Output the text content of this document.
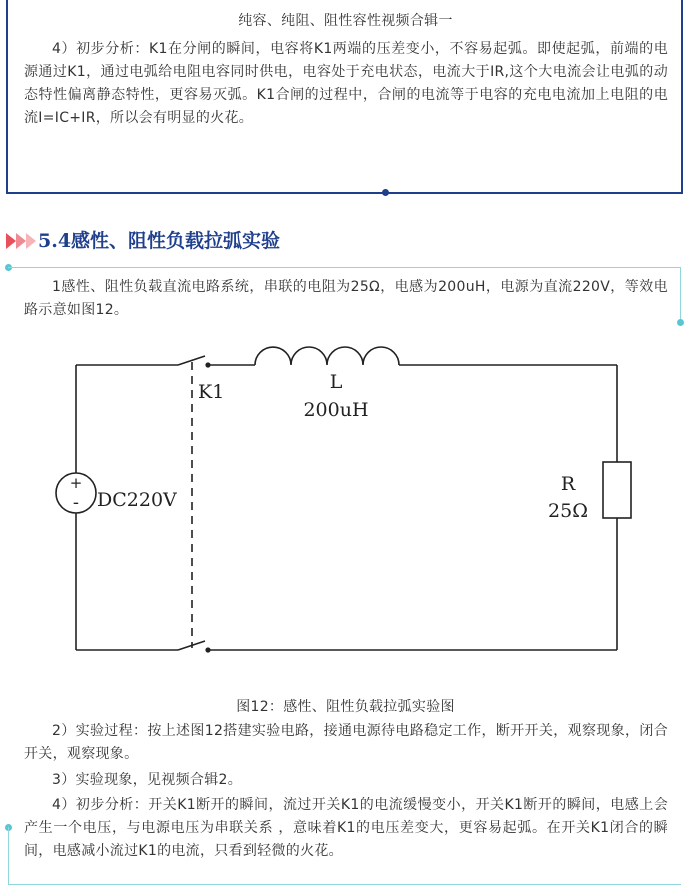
纯容、纯阻、阻性容性视频合辑一
4）初步分析：K1在分闸的瞬间，电容将K1两端的压差变小，不容易起弧。即使起弧，前端的电源通过K1，通过电弧给电阻电容同时供电，电容处于充电状态，电流大于IR,这个大电流会让电弧的动态特性偏离静态特性，更容易灭弧。K1合闸的过程中，合闸的电流等于电容的充电电流加上电阻的电流I=IC+IR，所以会有明显的火花。
5.4感性、阻性负载拉弧实验
1感性、阻性负载直流电路系统，串联的电阻为25Ω，电感为200uH，电源为直流220V，等效电路示意如图12。
+
- DC220V
K1	L
200uH
R
25Ω
图12：感性、阻性负载拉弧实验图
2）实验过程：按上述图12搭建实验电路，接通电源待电路稳定工作，断开开关，观察现象，闭合开关，观察现象。
3）实验现象，见视频合辑2。
4）初步分析：开关K1断开的瞬间，流过开关K1的电流缓慢变小，开关K1断开的瞬间，电感上会产生一个电压，与电源电压为串联关系 ，意味着K1的电压差变大，更容易起弧。在开关K1闭合的瞬间，电感减小流过K1的电流，只看到轻微的火花。
